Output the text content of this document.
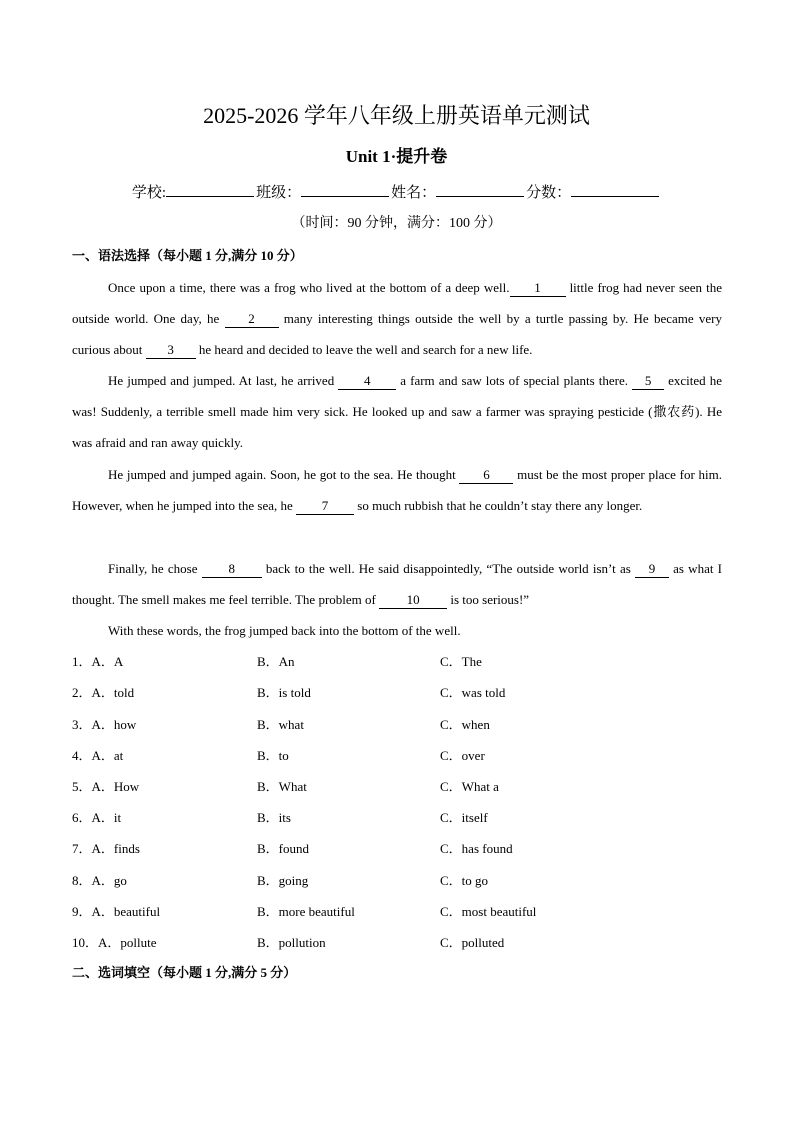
2025-2026 学年八年级上册英语单元测试
Unit 1·提升卷
学校:	班级：	姓名：	分数：
（时间：90 分钟，满分：100 分）
一、语法选择（每小题 1 分,满分 10 分）
Once upon a time, there was a frog who lived at the bottom of a deep well. 1 little frog had never seen the outside world. One day, he 2 many interesting things outside the well by a turtle passing by. He became very curious about 3 he heard and decided to leave the well and search for a new life.
He jumped and jumped. At last, he arrived 4 a farm and saw lots of special plants there. 5 excited he was! Suddenly, a terrible smell made him very sick. He looked up and saw a farmer was spraying pesticide (撒农药). He was afraid and ran away quickly.
He jumped and jumped again. Soon, he got to the sea. He thought 6 must be the most proper place for him. However, when he jumped into the sea, he 7 so much rubbish that he couldn’t stay there any longer.
Finally, he chose 8 back to the well. He said disappointedly, “The outside world isn’t as 9 as what I thought. The smell makes me feel terrible. The problem of 10 is too serious!”
With these words, the frog jumped back into the bottom of the well.
1．A．A	B．An	C．The
2．A．told	B．is told	C．was told
3．A．how	B．what	C．when
4．A．at	B．to	C．over
5．A．How	B．What	C．What a
6．A．it	B．its	C．itself
7．A．finds	B．found	C．has found
8．A．go	B．going	C．to go
9．A．beautiful	B．more beautiful	C．most beautiful
10．A．pollute	B．pollution	C．polluted
二、选词填空（每小题 1 分,满分 5 分）
